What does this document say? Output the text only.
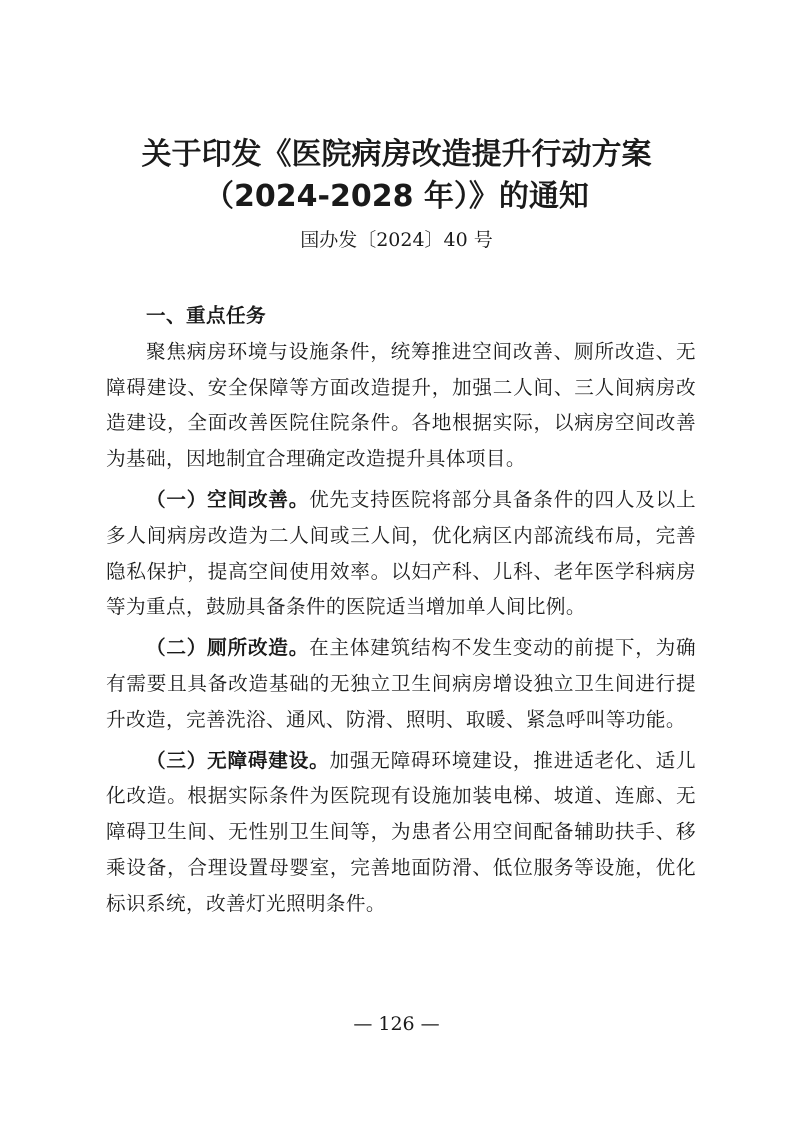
关于印发《医院病房改造提升行动方案
（2024-2028 年）》的通知
国办发〔2024〕40 号

一、重点任务

聚焦病房环境与设施条件，统筹推进空间改善、厕所改造、无障碍建设、安全保障等方面改造提升，加强二人间、三人间病房改造建设，全面改善医院住院条件。各地根据实际，以病房空间改善为基础，因地制宜合理确定改造提升具体项目。

（一）空间改善。优先支持医院将部分具备条件的四人及以上多人间病房改造为二人间或三人间，优化病区内部流线布局，完善隐私保护，提高空间使用效率。以妇产科、儿科、老年医学科病房等为重点，鼓励具备条件的医院适当增加单人间比例。

（二）厕所改造。在主体建筑结构不发生变动的前提下，为确有需要且具备改造基础的无独立卫生间病房增设独立卫生间进行提升改造，完善洗浴、通风、防滑、照明、取暖、紧急呼叫等功能。

（三）无障碍建设。加强无障碍环境建设，推进适老化、适儿化改造。根据实际条件为医院现有设施加装电梯、坡道、连廊、无障碍卫生间、无性别卫生间等，为患者公用空间配备辅助扶手、移乘设备，合理设置母婴室，完善地面防滑、低位服务等设施，优化标识系统，改善灯光照明条件。

— 126 —
